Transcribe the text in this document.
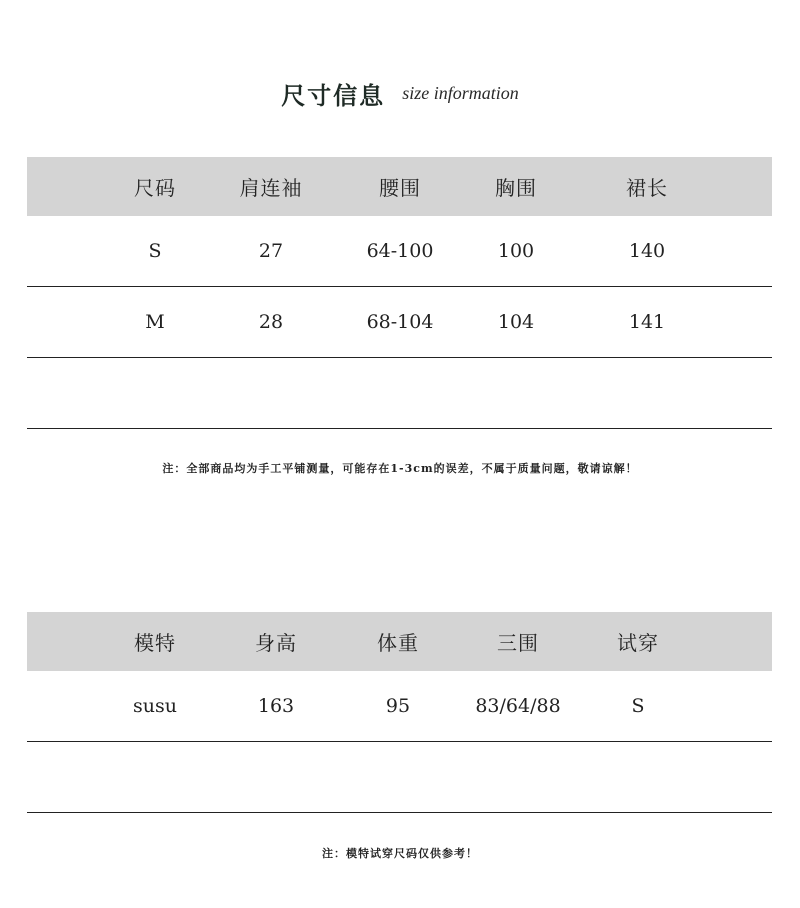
尺寸信息 size information
尺码	肩连袖	腰围	胸围	裙长
S	27	64-100	100	140
M	28	68-104	104	141
注：全部商品均为手工平铺测量，可能存在1-3cm的误差，不属于质量问题，敬请谅解！
模特	身高	体重	三围	试穿
susu	163	95	83/64/88	S
注：模特试穿尺码仅供参考！
